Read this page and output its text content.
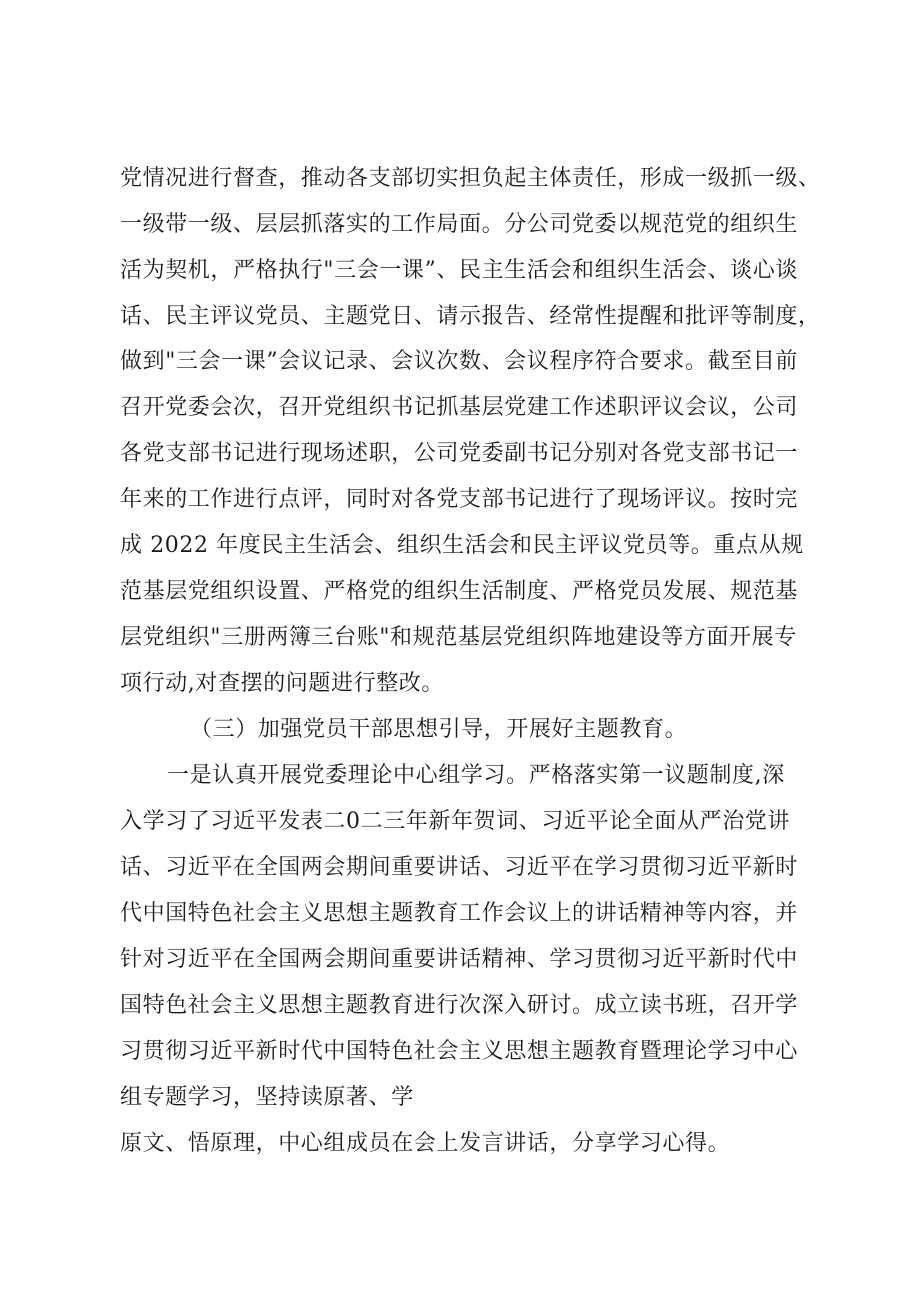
党情况进行督查，推动各支部切实担负起主体责任，形成一级抓一级、
一级带一级、层层抓落实的工作局面。分公司党委以规范党的组织生
活为契机，严格执行"三会一课”、民主生活会和组织生活会、谈心谈
话、民主评议党员、主题党日、请示报告、经常性提醒和批评等制度，
做到"三会一课”会议记录、会议次数、会议程序符合要求。截至目前
召开党委会次，召开党组织书记抓基层党建工作述职评议会议，公司
各党支部书记进行现场述职，公司党委副书记分别对各党支部书记一
年来的工作进行点评，同时对各党支部书记进行了现场评议。按时完
成 2022 年度民主生活会、组织生活会和民主评议党员等。重点从规
范基层党组织设置、严格党的组织生活制度、严格党员发展、规范基
层党组织"三册两簿三台账"和规范基层党组织阵地建设等方面开展专
项行动,对查摆的问题进行整改。
（三）加强党员干部思想引导，开展好主题教育。
一是认真开展党委理论中心组学习。严格落实第一议题制度,深
入学习了习近平发表二0二三年新年贺词、习近平论全面从严治党讲
话、习近平在全国两会期间重要讲话、习近平在学习贯彻习近平新时
代中国特色社会主义思想主题教育工作会议上的讲话精神等内容，并
针对习近平在全国两会期间重要讲话精神、学习贯彻习近平新时代中
国特色社会主义思想主题教育进行次深入研讨。成立读书班，召开学
习贯彻习近平新时代中国特色社会主义思想主题教育暨理论学习中心
组专题学习，坚持读原著、学
原文、悟原理，中心组成员在会上发言讲话，分享学习心得。
